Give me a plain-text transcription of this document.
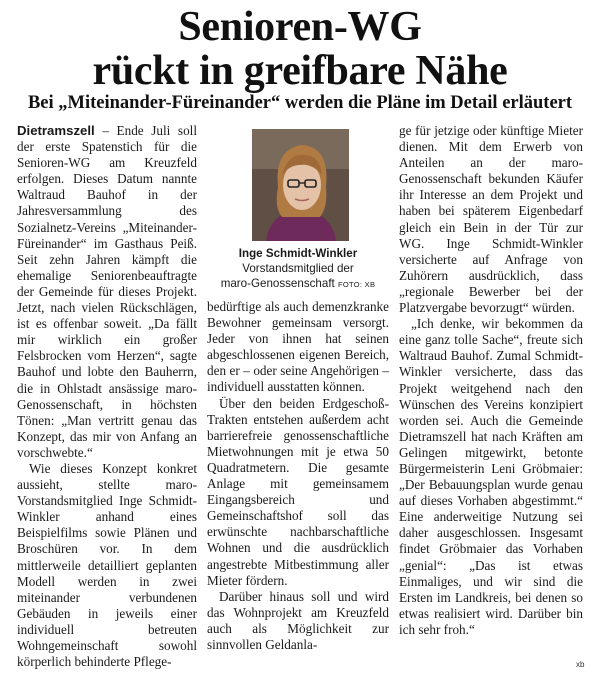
Senioren-WG
rückt in greifbare Nähe
Bei „Miteinander-Füreinander“ werden die Pläne im Detail erläutert

Dietramszell – Ende Juli soll der erste Spatenstich für die Senioren-WG am Kreuzfeld erfolgen. Dieses Datum nannte Waltraud Bauhof in der Jahresversammlung des Sozialnetz-Vereins „Miteinander-Füreinander“ im Gasthaus Peiß. Seit zehn Jahren kämpft die ehemalige Seniorenbeauftragte der Gemeinde für dieses Projekt. Jetzt, nach vielen Rückschlägen, ist es offenbar soweit. „Da fällt mir wirklich ein großer Felsbrocken vom Herzen“, sagte Bauhof und lobte den Bauherrn, die in Ohlstadt ansässige maro-Genossenschaft, in höchsten Tönen: „Man vertritt genau das Konzept, das mir von Anfang an vorschwebte.“

Wie dieses Konzept konkret aussieht, stellte maro-Vorstandsmitglied Inge Schmidt-Winkler anhand eines Beispielfilms sowie Plänen und Broschüren vor. In dem mittlerweile detailliert geplanten Modell werden in zwei miteinander verbundenen Gebäuden in jeweils einer individuell betreuten Wohngemeinschaft sowohl körperlich behinderte Pflege-

Inge Schmidt-Winkler
Vorstandsmitglied der
maro-Genossenschaft FOTO: XB

bedürftige als auch demenzkranke Bewohner gemeinsam versorgt. Jeder von ihnen hat seinen abgeschlossenen eigenen Bereich, den er – oder seine Angehörigen – individuell ausstatten können.

Über den beiden Erdgeschoß-Trakten entstehen außerdem acht barrierefreie genossenschaftliche Mietwohnungen mit je etwa 50 Quadratmetern. Die gesamte Anlage mit gemeinsamem Eingangsbereich und Gemeinschaftshof soll das erwünschte nachbarschaftliche Wohnen und die ausdrücklich angestrebte Mitbestimmung aller Mieter fördern.

Darüber hinaus soll und wird das Wohnprojekt am Kreuzfeld auch als Möglichkeit zur sinnvollen Geldanla-

ge für jetzige oder künftige Mieter dienen. Mit dem Erwerb von Anteilen an der maro-Genossenschaft bekunden Käufer ihr Interesse an dem Projekt und haben bei späterem Eigenbedarf gleich ein Bein in der Tür zur WG. Inge Schmidt-Winkler versicherte auf Anfrage von Zuhörern ausdrücklich, dass „regionale Bewerber bei der Platzvergabe bevorzugt“ würden.

„Ich denke, wir bekommen da eine ganz tolle Sache“, freute sich Waltraud Bauhof. Zumal Schmidt-Winkler versicherte, dass das Projekt weitgehend nach den Wünschen des Vereins konzipiert worden sei. Auch die Gemeinde Dietramszell hat nach Kräften am Gelingen mitgewirkt, betonte Bürgermeisterin Leni Gröbmaier: „Der Bebauungsplan wurde genau auf dieses Vorhaben abgestimmt.“ Eine anderweitige Nutzung sei daher ausgeschlossen. Insgesamt findet Gröbmaier das Vorhaben „genial“: „Das ist etwas Einmaliges, und wir sind die Ersten im Landkreis, bei denen so etwas realisiert wird. Darüber bin ich sehr froh.“

xb
